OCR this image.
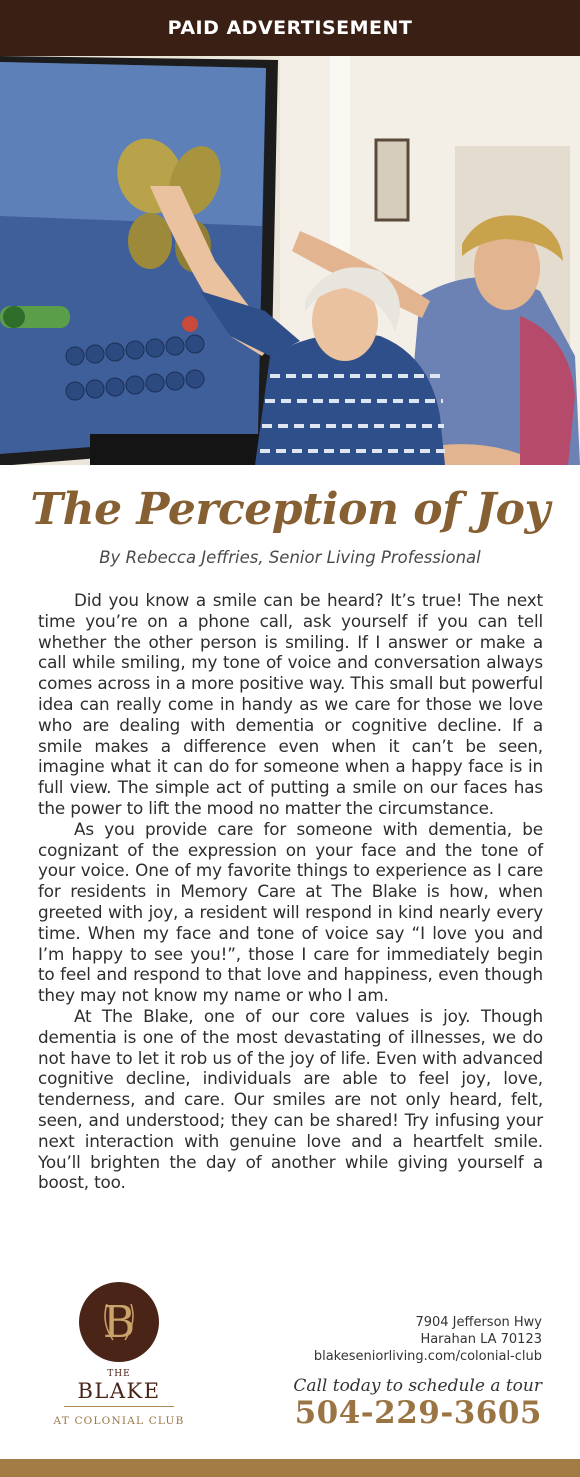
PAID ADVERTISEMENT
The Perception of Joy
By Rebecca Jeffries, Senior Living Professional

Did you know a smile can be heard? It’s true! The next time you’re on a phone call, ask yourself if you can tell whether the other person is smiling. If I answer or make a call while smiling, my tone of voice and conversation always comes across in a more positive way. This small but powerful idea can really come in handy as we care for those we love who are dealing with dementia or cognitive decline. If a smile makes a difference even when it can’t be seen, imagine what it can do for someone when a happy face is in full view. The simple act of putting a smile on our faces has the power to lift the mood no matter the circumstance.

As you provide care for someone with dementia, be cognizant of the expression on your face and the tone of your voice. One of my favorite things to experience as I care for residents in Memory Care at The Blake is how, when greeted with joy, a resident will respond in kind nearly every time. When my face and tone of voice say “I love you and I’m happy to see you!”, those I care for immediately begin to feel and respond to that love and happiness, even though they may not know my name or who I am.

At The Blake, one of our core values is joy. Though dementia is one of the most devastating of illnesses, we do not have to let it rob us of the joy of life. Even with advanced cognitive decline, individuals are able to feel joy, love, tenderness, and care. Our smiles are not only heard, felt, seen, and understood; they can be shared! Try infusing your next interaction with genuine love and a heartfelt smile. You’ll brighten the day of another while giving yourself a boost, too.

B
THE
BLAKE
AT COLONIAL CLUB
7904 Jefferson Hwy
Harahan LA 70123
blakeseniorliving.com/colonial-club
Call today to schedule a tour
504-229-3605
